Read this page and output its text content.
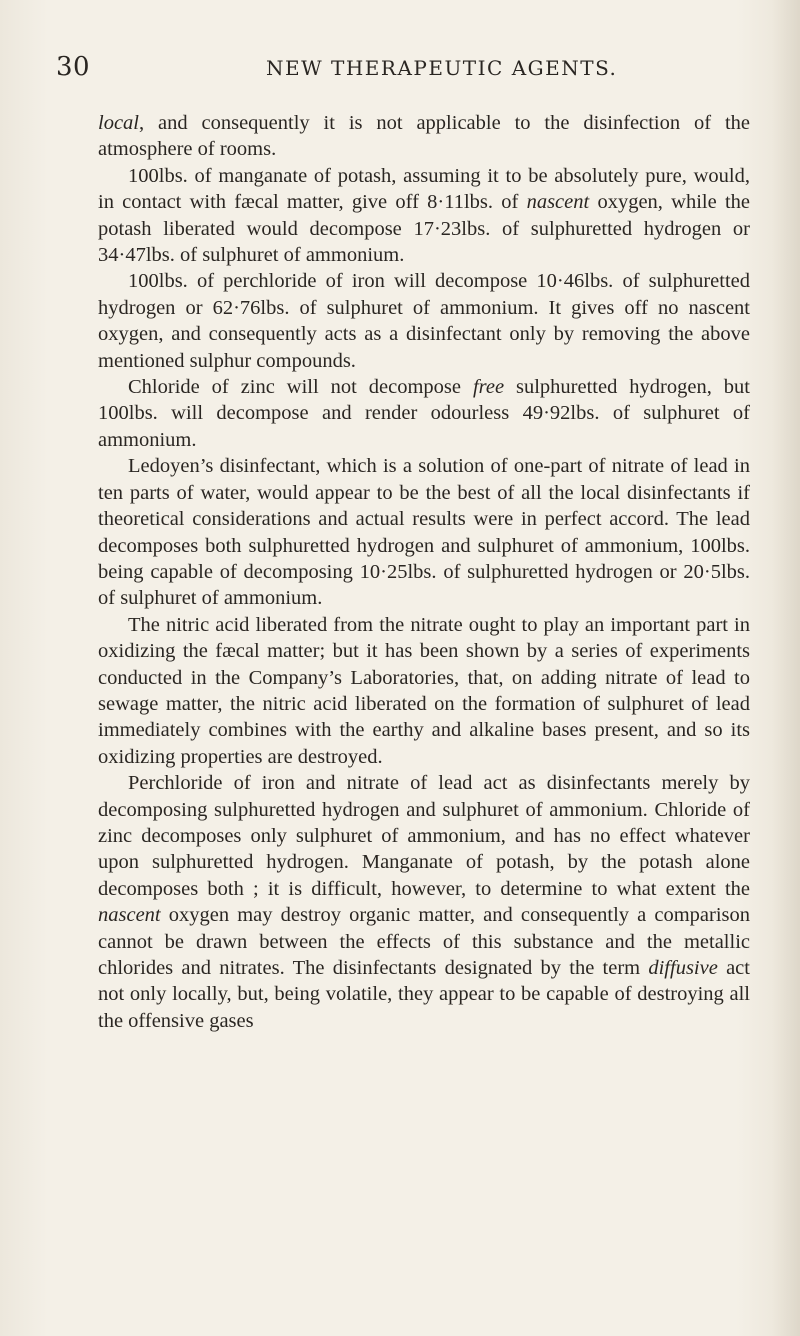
30	NEW THERAPEUTIC AGENTS.

local, and consequently it is not applicable to the disinfection of the atmosphere of rooms.

100lbs. of manganate of potash, assuming it to be absolutely pure, would, in contact with fæcal matter, give off 8·11lbs. of nascent oxygen, while the potash liberated would decompose 17·23lbs. of sulphuretted hydrogen or 34·47lbs. of sulphuret of ammonium.

100lbs. of perchloride of iron will decompose 10·46lbs. of sulphuretted hydrogen or 62·76lbs. of sulphuret of ammonium. It gives off no nascent oxygen, and consequently acts as a disinfectant only by removing the above mentioned sulphur compounds.

Chloride of zinc will not decompose free sulphuretted hydrogen, but 100lbs. will decompose and render odourless 49·92lbs. of sulphuret of ammonium.

Ledoyen’s disinfectant, which is a solution of one-part of nitrate of lead in ten parts of water, would appear to be the best of all the local disinfectants if theoretical considerations and actual results were in perfect accord. The lead decomposes both sulphuretted hydrogen and sulphuret of ammonium, 100lbs. being capable of decomposing 10·25lbs. of sulphuretted hydrogen or 20·5lbs. of sulphuret of ammonium.

The nitric acid liberated from the nitrate ought to play an important part in oxidizing the fæcal matter; but it has been shown by a series of experiments conducted in the Company’s Laboratories, that, on adding nitrate of lead to sewage matter, the nitric acid liberated on the formation of sulphuret of lead immediately combines with the earthy and alkaline bases present, and so its oxidizing properties are destroyed.

Perchloride of iron and nitrate of lead act as disinfectants merely by decomposing sulphuretted hydrogen and sulphuret of ammonium. Chloride of zinc decomposes only sulphuret of ammonium, and has no effect whatever upon sulphuretted hydrogen. Manganate of potash, by the potash alone decomposes both ; it is difficult, however, to determine to what extent the nascent oxygen may destroy organic matter, and consequently a comparison cannot be drawn between the effects of this substance and the metallic chlorides and nitrates. The disinfectants designated by the term diffusive act not only locally, but, being volatile, they appear to be capable of destroying all the offensive gases
